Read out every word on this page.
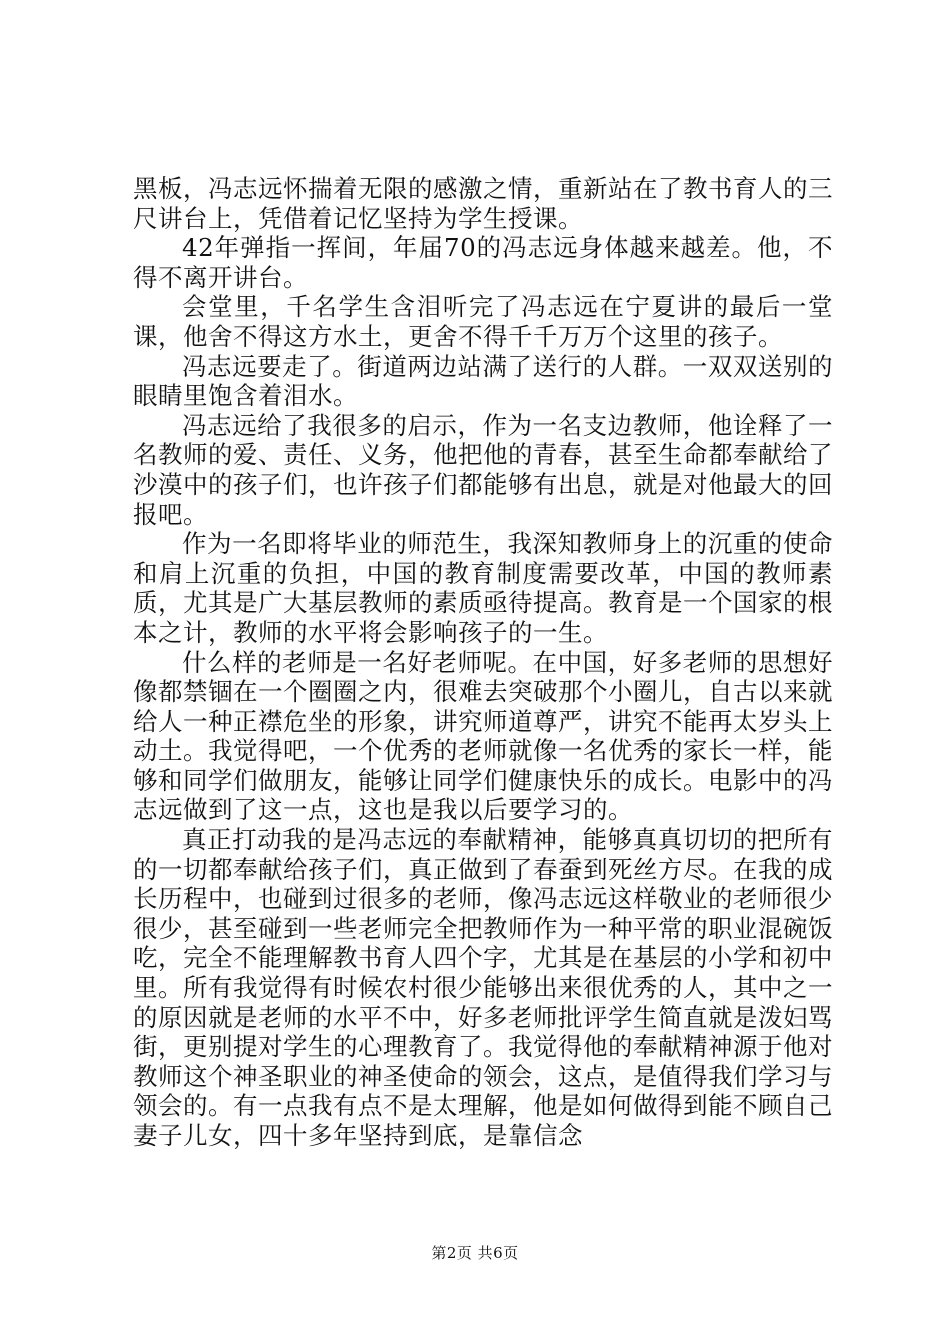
黑板，冯志远怀揣着无限的感激之情，重新站在了教书育人的三尺讲台上，凭借着记忆坚持为学生授课。

42年弹指一挥间，年届70的冯志远身体越来越差。他，不得不离开讲台。

会堂里，千名学生含泪听完了冯志远在宁夏讲的最后一堂课，他舍不得这方水土，更舍不得千千万万个这里的孩子。

冯志远要走了。街道两边站满了送行的人群。一双双送别的眼睛里饱含着泪水。

冯志远给了我很多的启示，作为一名支边教师，他诠释了一名教师的爱、责任、义务，他把他的青春，甚至生命都奉献给了沙漠中的孩子们，也许孩子们都能够有出息，就是对他最大的回报吧。

作为一名即将毕业的师范生，我深知教师身上的沉重的使命和肩上沉重的负担，中国的教育制度需要改革，中国的教师素质，尤其是广大基层教师的素质亟待提高。教育是一个国家的根本之计，教师的水平将会影响孩子的一生。

什么样的老师是一名好老师呢。在中国，好多老师的思想好像都禁锢在一个圈圈之内，很难去突破那个小圈儿，自古以来就给人一种正襟危坐的形象，讲究师道尊严，讲究不能再太岁头上动土。我觉得吧，一个优秀的老师就像一名优秀的家长一样，能够和同学们做朋友，能够让同学们健康快乐的成长。电影中的冯志远做到了这一点，这也是我以后要学习的。

真正打动我的是冯志远的奉献精神，能够真真切切的把所有的一切都奉献给孩子们，真正做到了春蚕到死丝方尽。在我的成长历程中，也碰到过很多的老师，像冯志远这样敬业的老师很少很少，甚至碰到一些老师完全把教师作为一种平常的职业混碗饭吃，完全不能理解教书育人四个字，尤其是在基层的小学和初中里。所有我觉得有时候农村很少能够出来很优秀的人，其中之一的原因就是老师的水平不中，好多老师批评学生简直就是泼妇骂街，更别提对学生的心理教育了。我觉得他的奉献精神源于他对教师这个神圣职业的神圣使命的领会，这点，是值得我们学习与领会的。有一点我有点不是太理解，他是如何做得到能不顾自己妻子儿女，四十多年坚持到底，是靠信念

第2页 共6页
